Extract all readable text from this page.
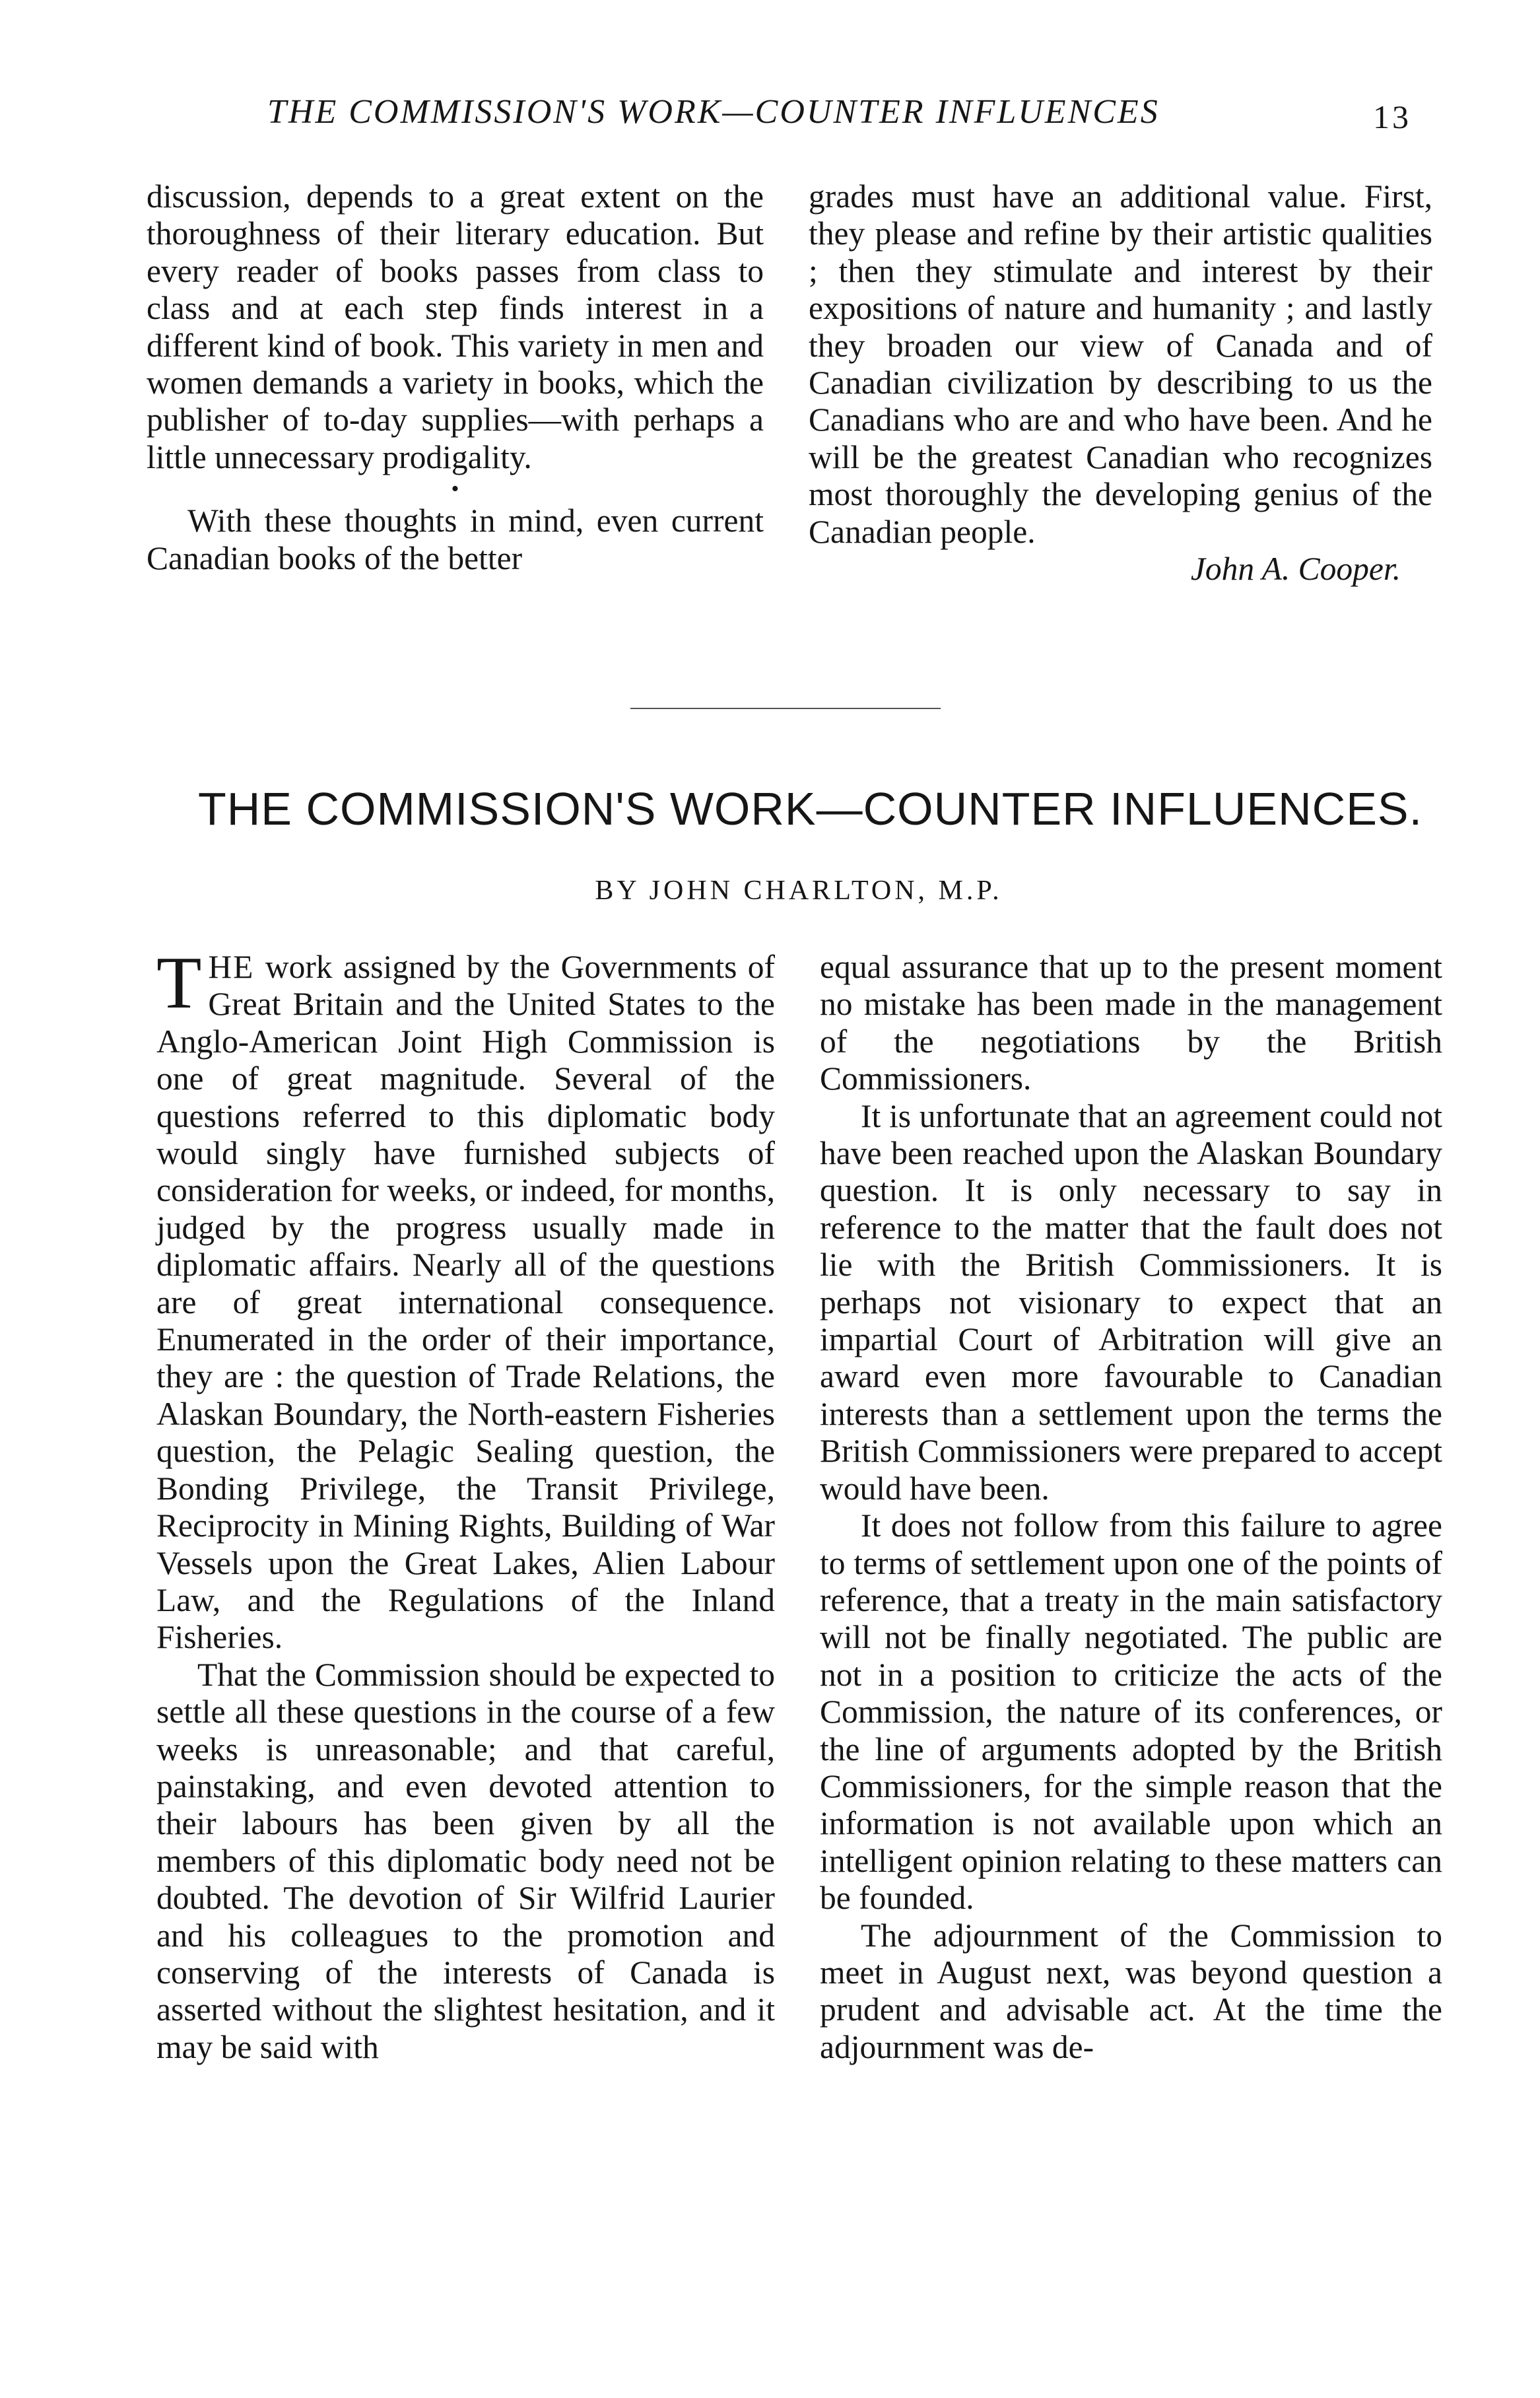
THE COMMISSION'S WORK—COUNTER INFLUENCES	13

discussion, depends to a great extent on the thoroughness of their literary education. But every reader of books passes from class to class and at each step finds interest in a different kind of book. This variety in men and women demands a variety in books, which the publisher of to-day supplies—with perhaps a little unnecessary prodigality.

•

With these thoughts in mind, even current Canadian books of the better

grades must have an additional value. First, they please and refine by their artistic qualities ; then they stimulate and interest by their expositions of nature and humanity ; and lastly they broaden our view of Canada and of Canadian civilization by describing to us the Canadians who are and who have been. And he will be the greatest Canadian who recognizes most thoroughly the developing genius of the Canadian people.

John A. Cooper.

THE COMMISSION'S WORK—COUNTER INFLUENCES.
BY JOHN CHARLTON, M.P.

THE work assigned by the Governments of Great Britain and the United States to the Anglo-American Joint High Commission is one of great magnitude. Several of the questions referred to this diplomatic body would singly have furnished subjects of consideration for weeks, or indeed, for months, judged by the progress usually made in diplomatic affairs. Nearly all of the questions are of great international consequence. Enumerated in the order of their importance, they are : the question of Trade Relations, the Alaskan Boundary, the North-eastern Fisheries question, the Pelagic Sealing question, the Bonding Privilege, the Transit Privilege, Reciprocity in Mining Rights, Building of War Vessels upon the Great Lakes, Alien Labour Law, and the Regulations of the Inland Fisheries.

That the Commission should be expected to settle all these questions in the course of a few weeks is unreasonable; and that careful, painstaking, and even devoted attention to their labours has been given by all the members of this diplomatic body need not be doubted. The devotion of Sir Wilfrid Laurier and his colleagues to the promotion and conserving of the interests of Canada is asserted without the slightest hesitation, and it may be said with

equal assurance that up to the present moment no mistake has been made in the management of the negotiations by the British Commissioners.

It is unfortunate that an agreement could not have been reached upon the Alaskan Boundary question. It is only necessary to say in reference to the matter that the fault does not lie with the British Commissioners. It is perhaps not visionary to expect that an impartial Court of Arbitration will give an award even more favourable to Canadian interests than a settlement upon the terms the British Commissioners were prepared to accept would have been.

It does not follow from this failure to agree to terms of settlement upon one of the points of reference, that a treaty in the main satisfactory will not be finally negotiated. The public are not in a position to criticize the acts of the Commission, the nature of its conferences, or the line of arguments adopted by the British Commissioners, for the simple reason that the information is not available upon which an intelligent opinion relating to these matters can be founded.

The adjournment of the Commission to meet in August next, was beyond question a prudent and advisable act. At the time the adjournment was de-
